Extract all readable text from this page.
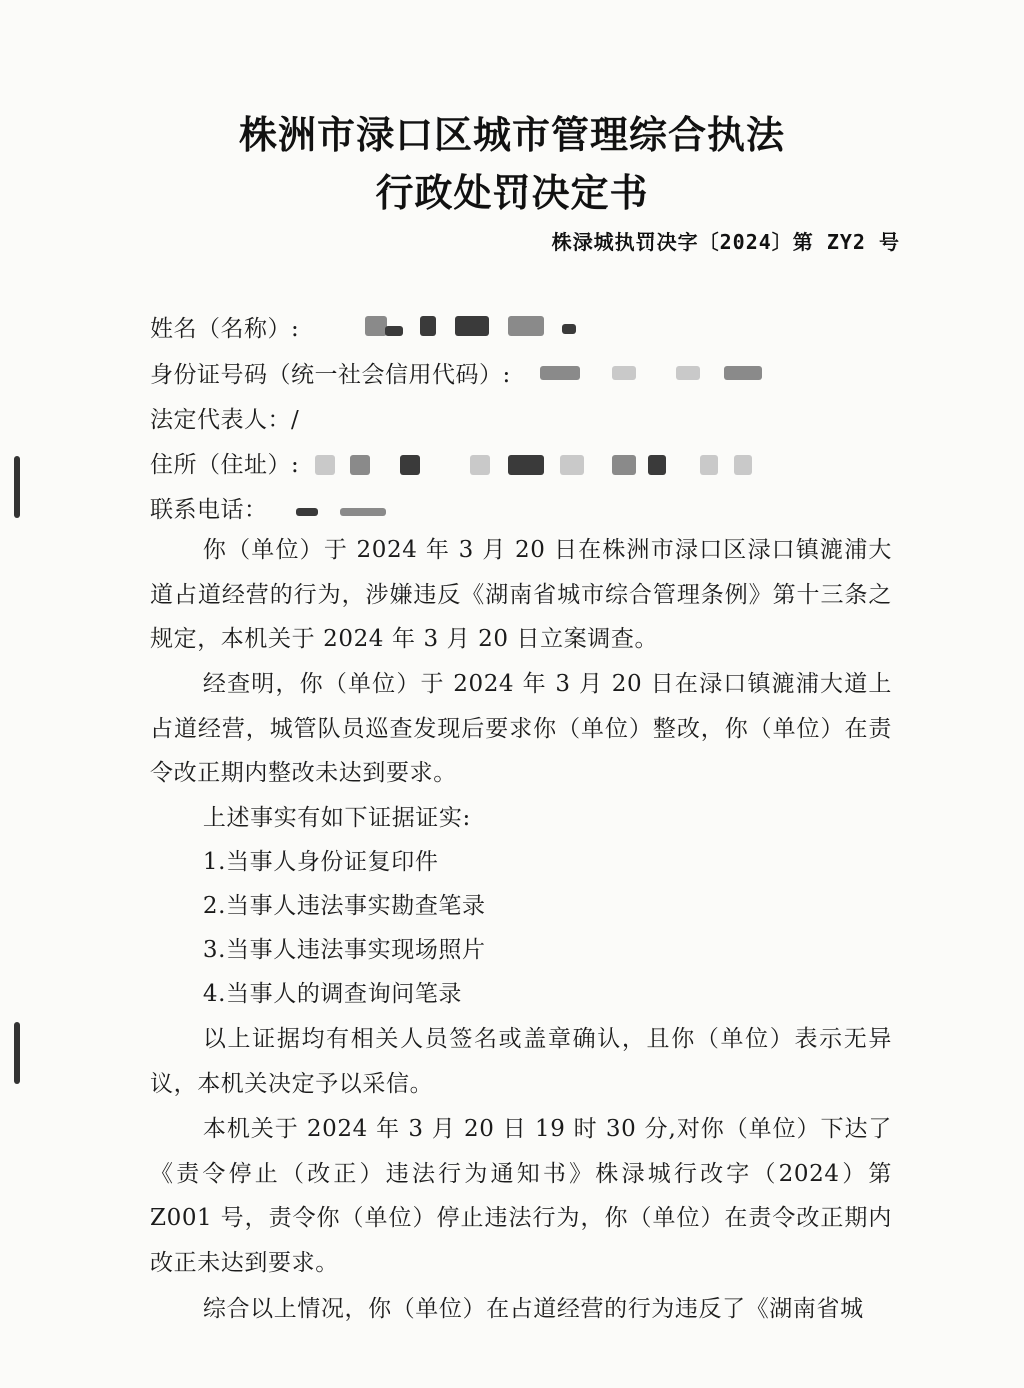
株洲市渌口区城市管理综合执法
行政处罚决定书
株渌城执罚决字〔2024〕第 ZY2 号
姓名（名称）:
身份证号码（统一社会信用代码）:
法定代表人：/
住所（住址）:
联系电话：
你（单位）于 2024 年 3 月 20 日在株洲市渌口区渌口镇漉浦大道占道经营的行为，涉嫌违反《湖南省城市综合管理条例》第十三条之规定，本机关于 2024 年 3 月 20 日立案调查。
经查明，你（单位）于 2024 年 3 月 20 日在渌口镇漉浦大道上占道经营，城管队员巡查发现后要求你（单位）整改，你（单位）在责令改正期内整改未达到要求。
上述事实有如下证据证实:
1.当事人身份证复印件
2.当事人违法事实勘查笔录
3.当事人违法事实现场照片
4.当事人的调查询问笔录
以上证据均有相关人员签名或盖章确认，且你（单位）表示无异议，本机关决定予以采信。
本机关于 2024 年 3 月 20 日 19 时 30 分,对你（单位）下达了《责令停止（改正）违法行为通知书》株渌城行改字（2024）第 Z001 号，责令你（单位）停止违法行为，你（单位）在责令改正期内改正未达到要求。
综合以上情况，你（单位）在占道经营的行为违反了《湖南省城
